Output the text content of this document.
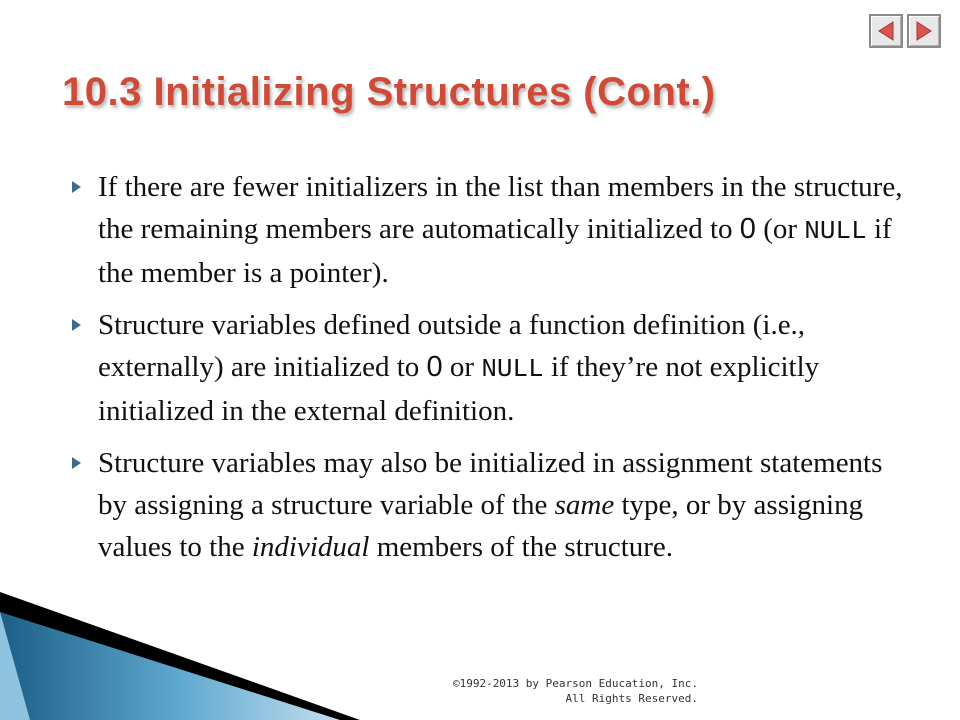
10.3 Initializing Structures (Cont.)
If there are fewer initializers in the list than members in the structure, the remaining members are automatically initialized to 0 (or NULL if the member is a pointer).
Structure variables defined outside a function definition (i.e., externally) are initialized to 0 or NULL if they’re not explicitly initialized in the external definition.
Structure variables may also be initialized in assignment statements by assigning a structure variable of the same type, or by assigning values to the individual members of the structure.
©1992-2013 by Pearson Education, Inc.
All Rights Reserved.
